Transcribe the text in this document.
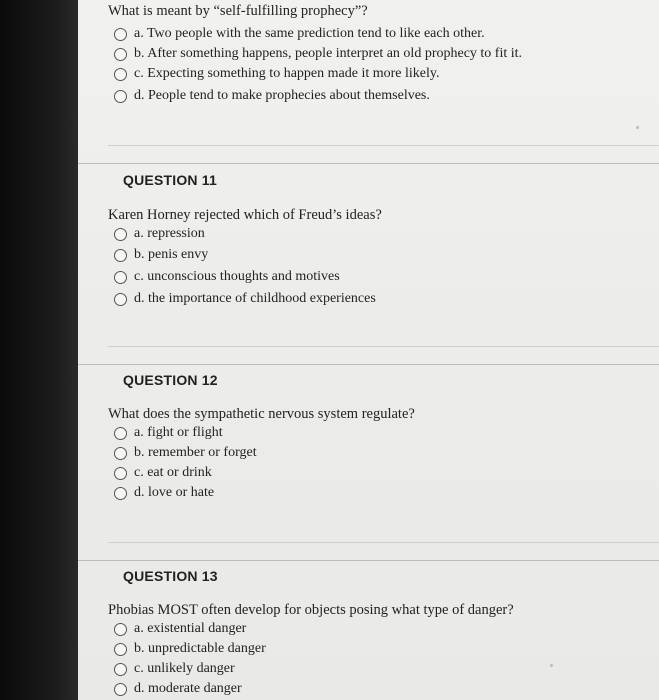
What is meant by “self-fulfilling prophecy”?
a. Two people with the same prediction tend to like each other.
b. After something happens, people interpret an old prophecy to fit it.
c. Expecting something to happen made it more likely.
d. People tend to make prophecies about themselves.
QUESTION 11
Karen Horney rejected which of Freud’s ideas?
a. repression
b. penis envy
c. unconscious thoughts and motives
d. the importance of childhood experiences
QUESTION 12
What does the sympathetic nervous system regulate?
a. fight or flight
b. remember or forget
c. eat or drink
d. love or hate
QUESTION 13
Phobias MOST often develop for objects posing what type of danger?
a. existential danger
b. unpredictable danger
c. unlikely danger
d. moderate danger
